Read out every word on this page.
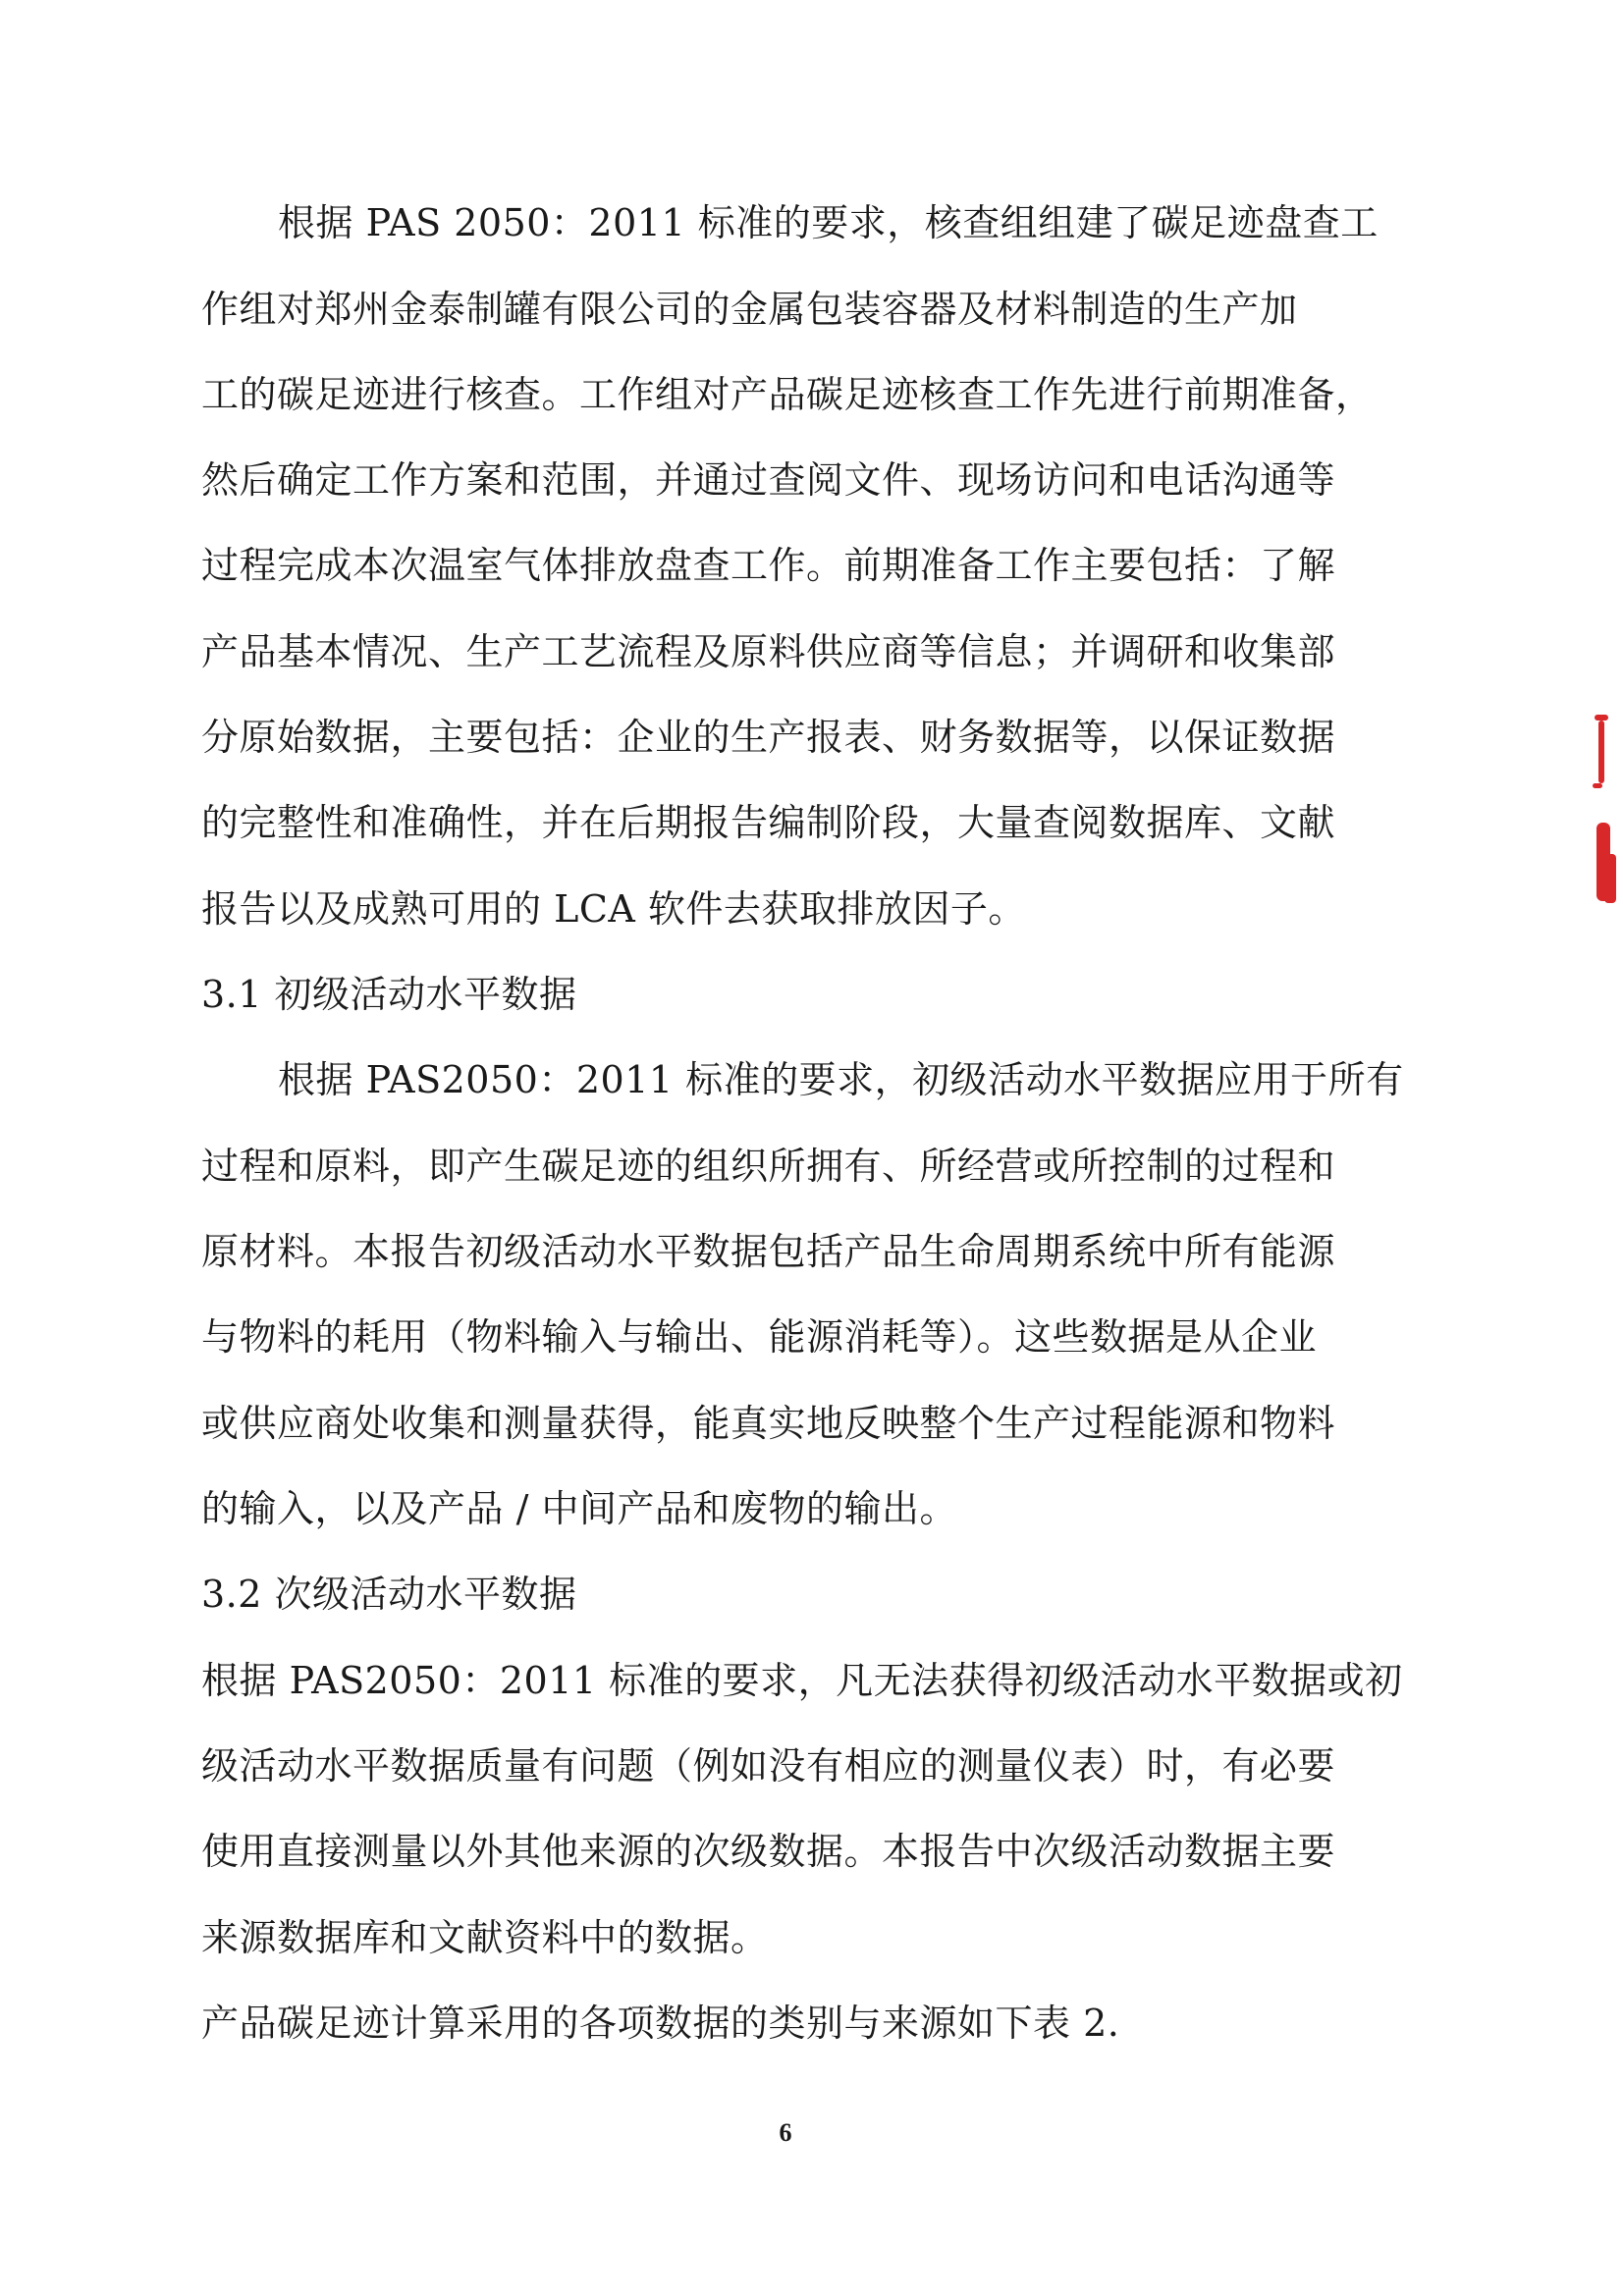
根据 PAS 2050：2011 标准的要求，核查组组建了碳足迹盘查工
作组对郑州金泰制罐有限公司的金属包装容器及材料制造的生产加
工的碳足迹进行核查。工作组对产品碳足迹核查工作先进行前期准备，
然后确定工作方案和范围，并通过查阅文件、现场访问和电话沟通等
过程完成本次温室气体排放盘查工作。前期准备工作主要包括：了解
产品基本情况、生产工艺流程及原料供应商等信息；并调研和收集部
分原始数据，主要包括：企业的生产报表、财务数据等，以保证数据
的完整性和准确性，并在后期报告编制阶段，大量查阅数据库、文献
报告以及成熟可用的 LCA 软件去获取排放因子。
3.1 初级活动水平数据
根据 PAS2050：2011 标准的要求，初级活动水平数据应用于所有
过程和原料，即产生碳足迹的组织所拥有、所经营或所控制的过程和
原材料。本报告初级活动水平数据包括产品生命周期系统中所有能源
与物料的耗用（物料输入与输出、能源消耗等）。这些数据是从企业
或供应商处收集和测量获得，能真实地反映整个生产过程能源和物料
的输入，以及产品 / 中间产品和废物的输出。
3.2 次级活动水平数据
根据 PAS2050：2011 标准的要求，凡无法获得初级活动水平数据或初
级活动水平数据质量有问题（例如没有相应的测量仪表）时，有必要
使用直接测量以外其他来源的次级数据。本报告中次级活动数据主要
来源数据库和文献资料中的数据。
产品碳足迹计算采用的各项数据的类别与来源如下表 2.
6
